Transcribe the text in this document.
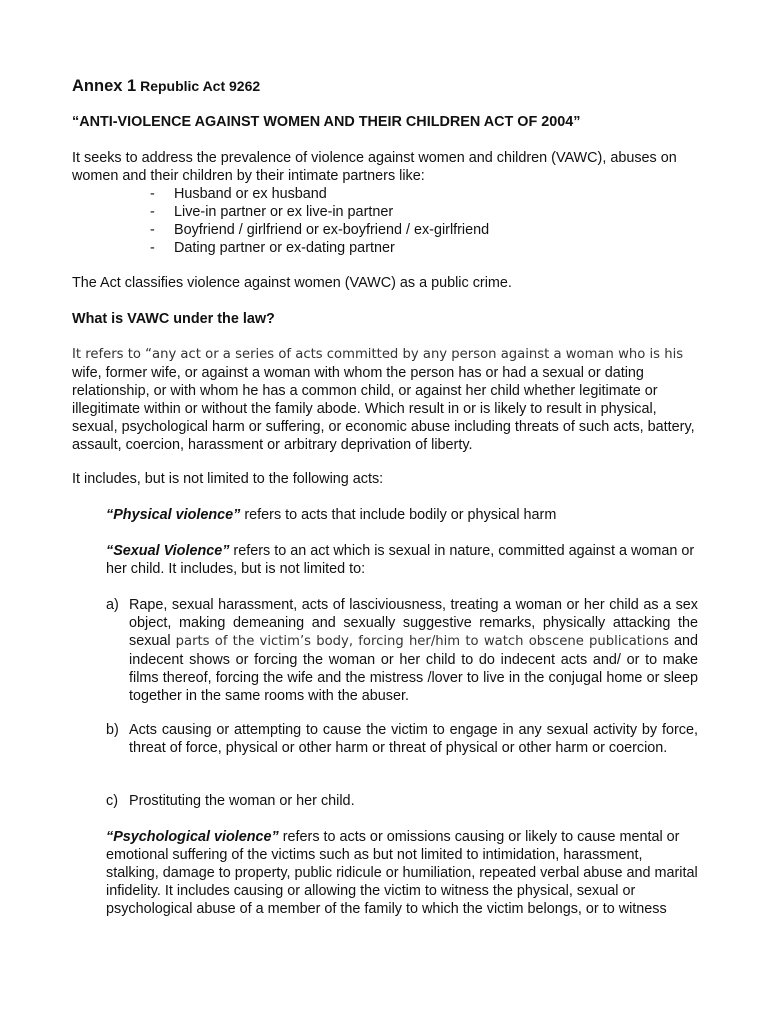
Annex 1 Republic Act 9262

“ANTI-VIOLENCE AGAINST WOMEN AND THEIR CHILDREN ACT OF 2004”

It seeks to address the prevalence of violence against women and children (VAWC), abuses on women and their children by their intimate partners like:

- Husband or ex husband
- Live-in partner or ex live-in partner
- Boyfriend / girlfriend or ex-boyfriend / ex-girlfriend
- Dating partner or ex-dating partner

The Act classifies violence against women (VAWC) as a public crime.

What is VAWC under the law?

It refers to “any act or a series of acts committed by any person against a woman who is his
wife, former wife, or against a woman with whom the person has or had a sexual or dating relationship, or with whom he has a common child, or against her child whether legitimate or illegitimate within or without the family abode. Which result in or is likely to result in physical, sexual, psychological harm or suffering, or economic abuse including threats of such acts, battery, assault, coercion, harassment or arbitrary deprivation of liberty.

It includes, but is not limited to the following acts:

“Physical violence” refers to acts that include bodily or physical harm

“Sexual Violence” refers to an act which is sexual in nature, committed against a woman or her child. It includes, but is not limited to:

a) Rape, sexual harassment, acts of lasciviousness, treating a woman or her child as a sex object, making demeaning and sexually suggestive remarks, physically attacking the sexual parts of the victim’s body, forcing her/him to watch obscene publications and indecent shows or forcing the woman or her child to do indecent acts and/ or to make films thereof, forcing the wife and the mistress /lover to live in the conjugal home or sleep together in the same rooms with the abuser.
b) Acts causing or attempting to cause the victim to engage in any sexual activity by force, threat of force, physical or other harm or threat of physical or other harm or coercion.
c) Prostituting the woman or her child.

“Psychological violence” refers to acts or omissions causing or likely to cause mental or emotional suffering of the victims such as but not limited to intimidation, harassment, stalking, damage to property, public ridicule or humiliation, repeated verbal abuse and marital infidelity. It includes causing or allowing the victim to witness the physical, sexual or psychological abuse of a member of the family to which the victim belongs, or to witness
